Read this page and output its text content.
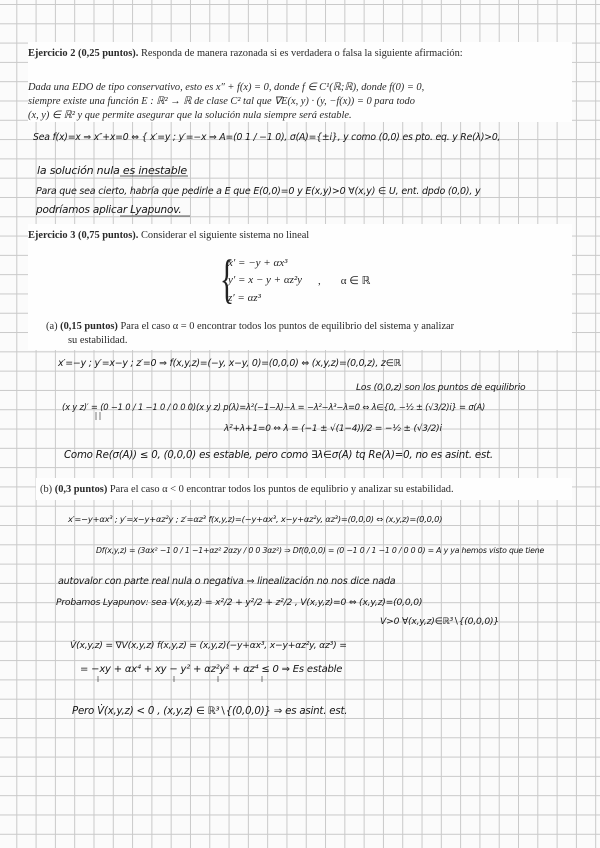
Ejercicio 2 (0,25 puntos). Responda de manera razonada si es verdadera o falsa la siguiente afirmación:
Dada una EDO de tipo conservativo, esto es x″ + f(x) = 0, donde f ∈ C¹(ℝ;ℝ), donde f(0) = 0,
siempre existe una función E : ℝ² → ℝ de clase C² tal que ∇E(x, y) · (y, −f(x)) = 0 para todo
(x, y) ∈ ℝ² y que permite asegurar que la solución nula siempre será estable.
Sea f(x)=x ⇒ x″+x=0 ⇔ { x′=y ; y′=−x ⇒ A=(0 1 / −1 0), σ(A)={±i}, y como (0,0) es pto. eq. y Re(λ)>0,
la solución nula es inestable
Para que sea cierto, habría que pedirle a E que E(0,0)=0 y E(x,y)>0 ∀(x,y) ∈ U, ent. dpdo (0,0), y
podríamos aplicar Lyapunov.
Ejercicio 3 (0,75 puntos). Considerar el siguiente sistema no lineal
{
x′ = −y + αx³
y′ = x − y + αz²y
z′ = αz³
, α ∈ ℝ
(a) (0,15 puntos) Para el caso α = 0 encontrar todos los puntos de equilibrio del sistema y analizar
su estabilidad.
x′=−y ; y′=x−y ; z′=0 ⇒ f(x,y,z)=(−y, x−y, 0)=(0,0,0) ⇔ (x,y,z)=(0,0,z), z∈ℝ
Los (0,0,z) son los puntos de equilibrio
(x y z)′ = (0 −1 0 / 1 −1 0 / 0 0 0)(x y z) p(λ)=λ²(−1−λ)−λ = −λ²−λ³−λ=0 ⇔ λ∈{0, −½ ± (√3/2)i} = σ(A)
λ²+λ+1=0 ⇔ λ = (−1 ± √(1−4))/2 = −½ ± (√3/2)i
Como Re(σ(A)) ≤ 0, (0,0,0) es estable, pero como ∃λ∈σ(A) tq Re(λ)=0, no es asint. est.
(b) (0,3 puntos) Para el caso α < 0 encontrar todos los puntos de equlibrio y analizar su estabilidad.
x′=−y+αx³ ; y′=x−y+αz²y ; z′=αz³ f(x,y,z)=(−y+αx³, x−y+αz²y, αz³)=(0,0,0) ⇔ (x,y,z)=(0,0,0)
Df(x,y,z) = (3αx² −1 0 / 1 −1+αz² 2αzy / 0 0 3αz²) ⇒ Df(0,0,0) = (0 −1 0 / 1 −1 0 / 0 0 0) = A y ya hemos visto que tiene
autovalor con parte real nula o negativa ⇒ linealización no nos dice nada
Probamos Lyapunov: sea V(x,y,z) = x²/2 + y²/2 + z²/2 , V(x,y,z)=0 ⇔ (x,y,z)=(0,0,0)
V>0 ∀(x,y,z)∈ℝ³∖{(0,0,0)}
V̇(x,y,z) = ∇V(x,y,z) f(x,y,z) = (x,y,z)(−y+αx³, x−y+αz²y, αz³) =
= −xy + αx⁴ + xy − y² + αz²y² + αz⁴ ≤ 0 ⇒ Es estable
Pero V̇(x,y,z) < 0 , (x,y,z) ∈ ℝ³∖{(0,0,0)} ⇒ es asint. est.
